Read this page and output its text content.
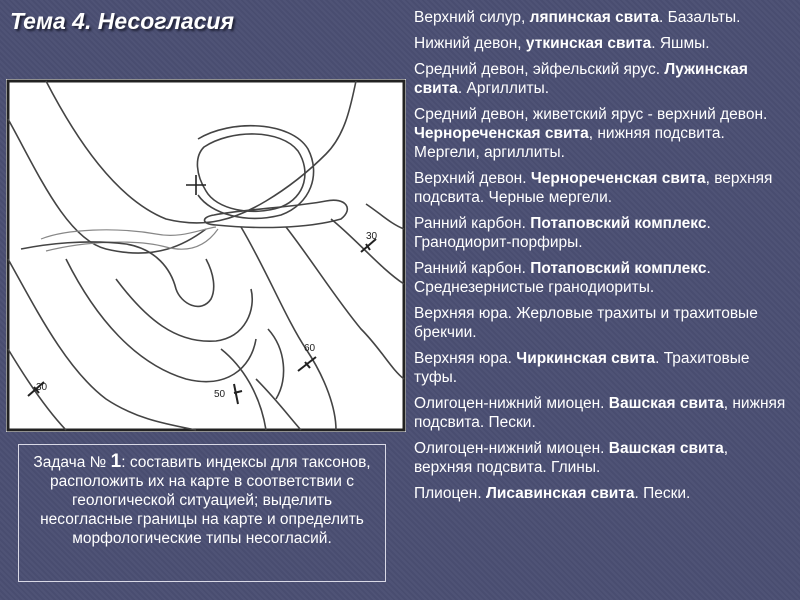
Тема 4. Несогласия
30
60
50
30
Задача № 1: составить индексы для таксонов, расположить их на карте в соответствии с геологической ситуацией; выделить несогласные границы на карте и определить морфологические типы несогласий.
Верхний силур, ляпинская свита. Базальты.
Нижний девон, уткинская свита. Яшмы.
Средний девон, эйфельский ярус. Лужинская свита. Аргиллиты.
Средний девон, живетский ярус - верхний девон. Чернореченская свита, нижняя подсвита. Мергели, аргиллиты.
Верхний девон. Чернореченская свита, верхняя подсвита. Черные мергели.
Ранний карбон. Потаповский комплекс. Гранодиорит-порфиры.
Ранний карбон. Потаповский комплекс. Среднезернистые гранодиориты.
Верхняя юра. Жерловые трахиты и трахитовые брекчии.
Верхняя юра. Чиркинская свита. Трахитовые туфы.
Олигоцен-нижний миоцен. Вашская свита, нижняя подсвита. Пески.
Олигоцен-нижний миоцен. Вашская свита, верхняя подсвита. Глины.
Плиоцен. Лисавинская свита. Пески.
